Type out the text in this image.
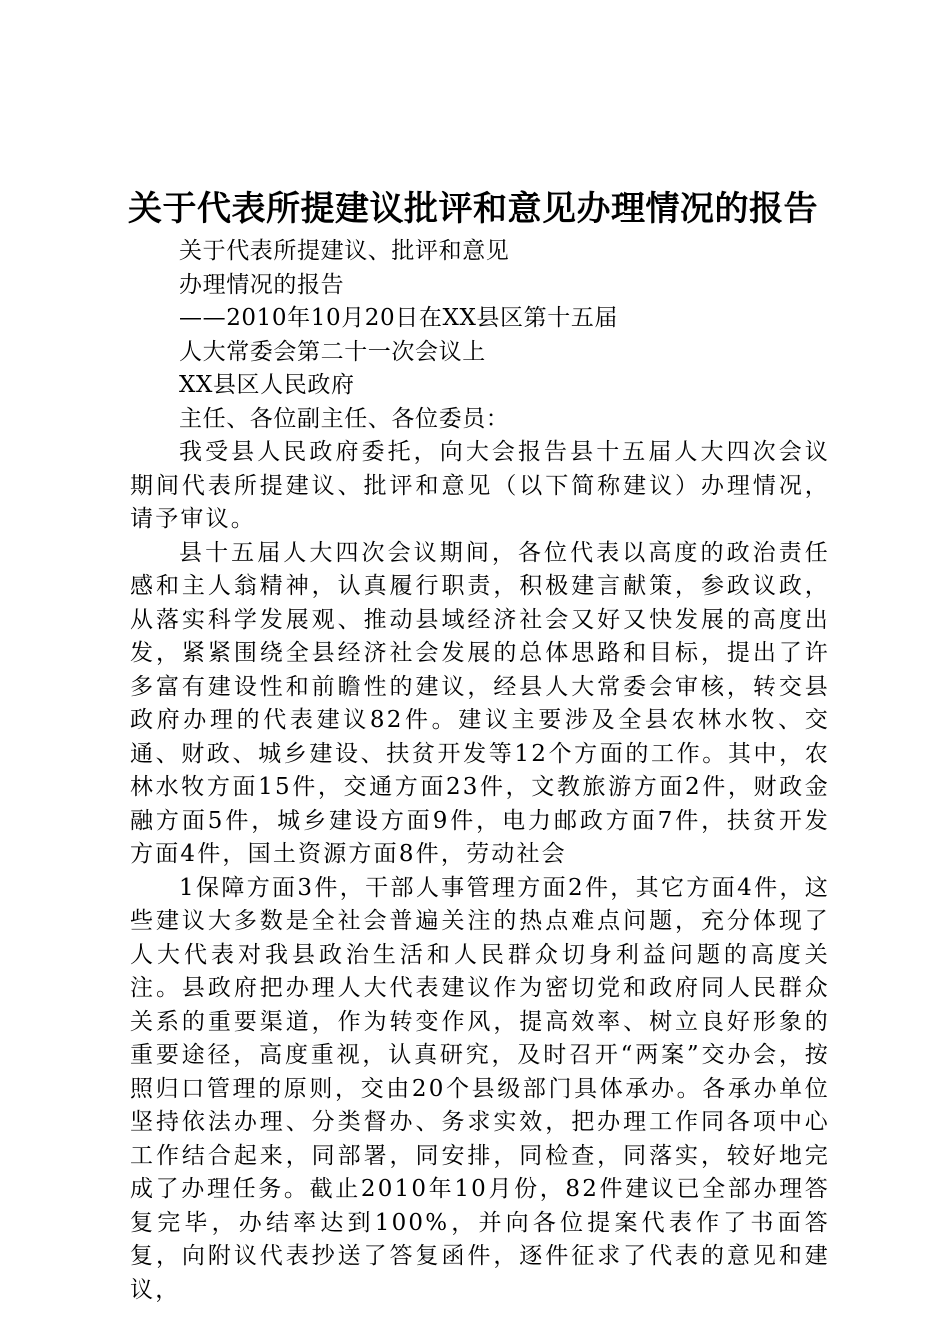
关于代表所提建议批评和意见办理情况的报告

关于代表所提建议、批评和意见

办理情况的报告

——2010年10月20日在XX县区第十五届

人大常委会第二十一次会议上

XX县区人民政府

主任、各位副主任、各位委员：

我受县人民政府委托，向大会报告县十五届人大四次会议期间代表所提建议、批评和意见（以下简称建议）办理情况，请予审议。

县十五届人大四次会议期间，各位代表以高度的政治责任感和主人翁精神，认真履行职责，积极建言献策，参政议政，从落实科学发展观、推动县域经济社会又好又快发展的高度出发，紧紧围绕全县经济社会发展的总体思路和目标，提出了许多富有建设性和前瞻性的建议，经县人大常委会审核，转交县政府办理的代表建议82件。建议主要涉及全县农林水牧、交通、财政、城乡建设、扶贫开发等12个方面的工作。其中，农林水牧方面15件，交通方面23件，文教旅游方面2件，财政金融方面5件，城乡建设方面9件，电力邮政方面7件，扶贫开发方面4件，国土资源方面8件，劳动社会

1保障方面3件，干部人事管理方面2件，其它方面4件，这些建议大多数是全社会普遍关注的热点难点问题，充分体现了人大代表对我县政治生活和人民群众切身利益问题的高度关注。县政府把办理人大代表建议作为密切党和政府同人民群众关系的重要渠道，作为转变作风，提高效率、树立良好形象的重要途径，高度重视，认真研究，及时召开“两案”交办会，按照归口管理的原则，交由20个县级部门具体承办。各承办单位坚持依法办理、分类督办、务求实效，把办理工作同各项中心工作结合起来，同部署，同安排，同检查，同落实，较好地完成了办理任务。截止2010年10月份，82件建议已全部办理答复完毕，办结率达到100%，并向各位提案代表作了书面答复，向附议代表抄送了答复函件，逐件征求了代表的意见和建议，
